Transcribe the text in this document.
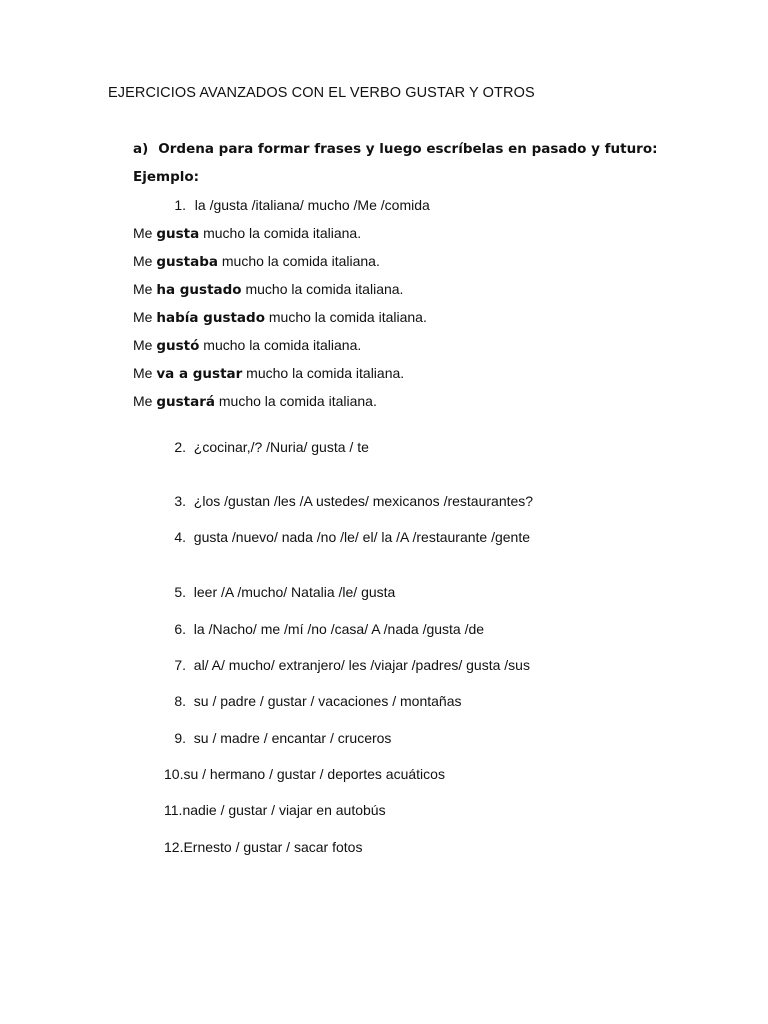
EJERCICIOS AVANZADOS CON EL VERBO GUSTAR Y OTROS
a) Ordena para formar frases y luego escríbelas en pasado y futuro:
Ejemplo:
1. la /gusta /italiana/ mucho /Me /comida
Me gusta mucho la comida italiana.
Me gustaba mucho la comida italiana.
Me ha gustado mucho la comida italiana.
Me había gustado mucho la comida italiana.
Me gustó mucho la comida italiana.
Me va a gustar mucho la comida italiana.
Me gustará mucho la comida italiana.
2. ¿cocinar,/? /Nuria/ gusta / te
3. ¿los /gustan /les /A ustedes/ mexicanos /restaurantes?
4. gusta /nuevo/ nada /no /le/ el/ la /A /restaurante /gente
5. leer /A /mucho/ Natalia /le/ gusta
6. la /Nacho/ me /mí /no /casa/ A /nada /gusta /de
7. al/ A/ mucho/ extranjero/ les /viajar /padres/ gusta /sus
8. su / padre / gustar / vacaciones / montañas
9. su / madre / encantar / cruceros
10.su / hermano / gustar / deportes acuáticos
11.nadie / gustar / viajar en autobús
12.Ernesto / gustar / sacar fotos
